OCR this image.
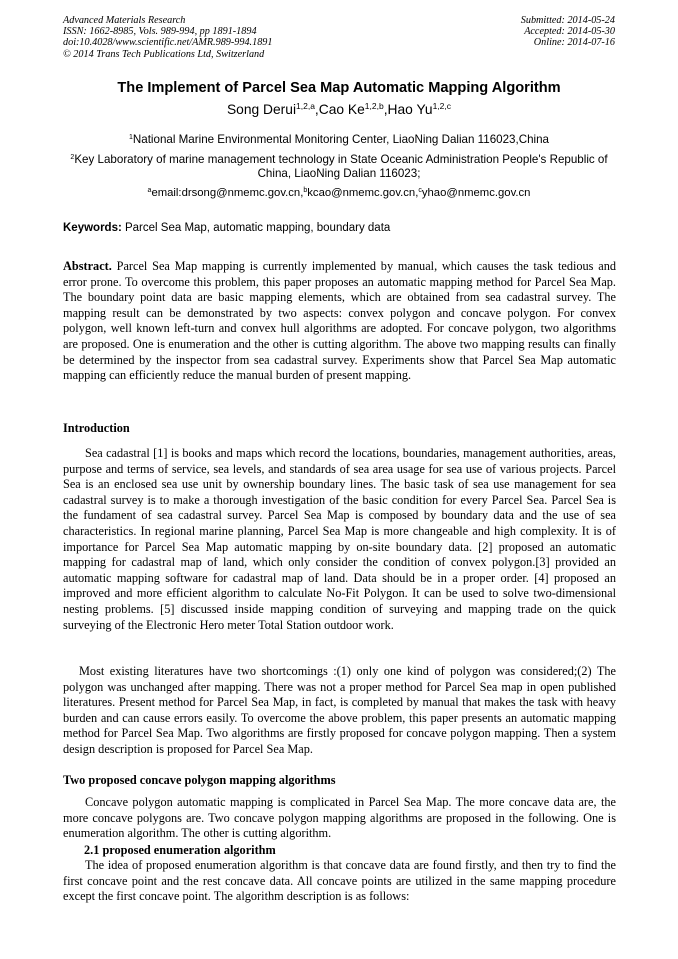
Advanced Materials Research
ISSN: 1662-8985, Vols. 989-994, pp 1891-1894
doi:10.4028/www.scientific.net/AMR.989-994.1891
© 2014 Trans Tech Publications Ltd, Switzerland
Submitted: 2014-05-24
Accepted: 2014-05-30
Online: 2014-07-16
The Implement of Parcel Sea Map Automatic Mapping Algorithm
Song Derui$^{1,2,a}$,Cao Ke$^{1,2,b}$,Hao Yu$^{1,2,c}$
$^1$National Marine Environmental Monitoring Center, LiaoNing Dalian 116023,China
$^2$Key Laboratory of marine management technology in State Oceanic Administration People's Republic of China, LiaoNing Dalian 116023;
$^a$email:drsong@nmemc.gov.cn,$^b$kcao@nmemc.gov.cn,$^c$yhao@nmemc.gov.cn
Keywords: Parcel Sea Map, automatic mapping, boundary data
Abstract. Parcel Sea Map mapping is currently implemented by manual, which causes the task tedious and error prone. To overcome this problem, this paper proposes an automatic mapping method for Parcel Sea Map. The boundary point data are basic mapping elements, which are obtained from sea cadastral survey. The mapping result can be demonstrated by two aspects: convex polygon and concave polygon. For convex polygon, well known left-turn and convex hull algorithms are adopted. For concave polygon, two algorithms are proposed. One is enumeration and the other is cutting algorithm. The above two mapping results can finally be determined by the inspector from sea cadastral survey. Experiments show that Parcel Sea Map automatic mapping can efficiently reduce the manual burden of present mapping.
Introduction
Sea cadastral [1] is books and maps which record the locations, boundaries, management authorities, areas, purpose and terms of service, sea levels, and standards of sea area usage for sea use of various projects. Parcel Sea is an enclosed sea use unit by ownership boundary lines. The basic task of sea use management for sea cadastral survey is to make a thorough investigation of the basic condition for every Parcel Sea. Parcel Sea is the fundament of sea cadastral survey. Parcel Sea Map is composed by boundary data and the use of sea characteristics. In regional marine planning, Parcel Sea Map is more changeable and high complexity. It is of importance for Parcel Sea Map automatic mapping by on-site boundary data. [2] proposed an automatic mapping for cadastral map of land, which only consider the condition of convex polygon.[3] provided an automatic mapping software for cadastral map of land. Data should be in a proper order. [4] proposed an improved and more efficient algorithm to calculate No-Fit Polygon. It can be used to solve two-dimensional nesting problems. [5] discussed inside mapping condition of surveying and mapping trade on the quick surveying of the Electronic Hero meter Total Station outdoor work.
Most existing literatures have two shortcomings :(1) only one kind of polygon was considered;(2) The polygon was unchanged after mapping. There was not a proper method for Parcel Sea map in open published literatures. Present method for Parcel Sea Map, in fact, is completed by manual that makes the task with heavy burden and can cause errors easily. To overcome the above problem, this paper presents an automatic mapping method for Parcel Sea Map. Two algorithms are firstly proposed for concave polygon mapping. Then a system design description is proposed for Parcel Sea Map.
Two proposed concave polygon mapping algorithms
Concave polygon automatic mapping is complicated in Parcel Sea Map. The more concave data are, the more concave polygons are. Two concave polygon mapping algorithms are proposed in the following. One is enumeration algorithm. The other is cutting algorithm.
2.1 proposed enumeration algorithm
The idea of proposed enumeration algorithm is that concave data are found firstly, and then try to find the first concave point and the rest concave data. All concave points are utilized in the same mapping procedure except the first concave point. The algorithm description is as follows:
